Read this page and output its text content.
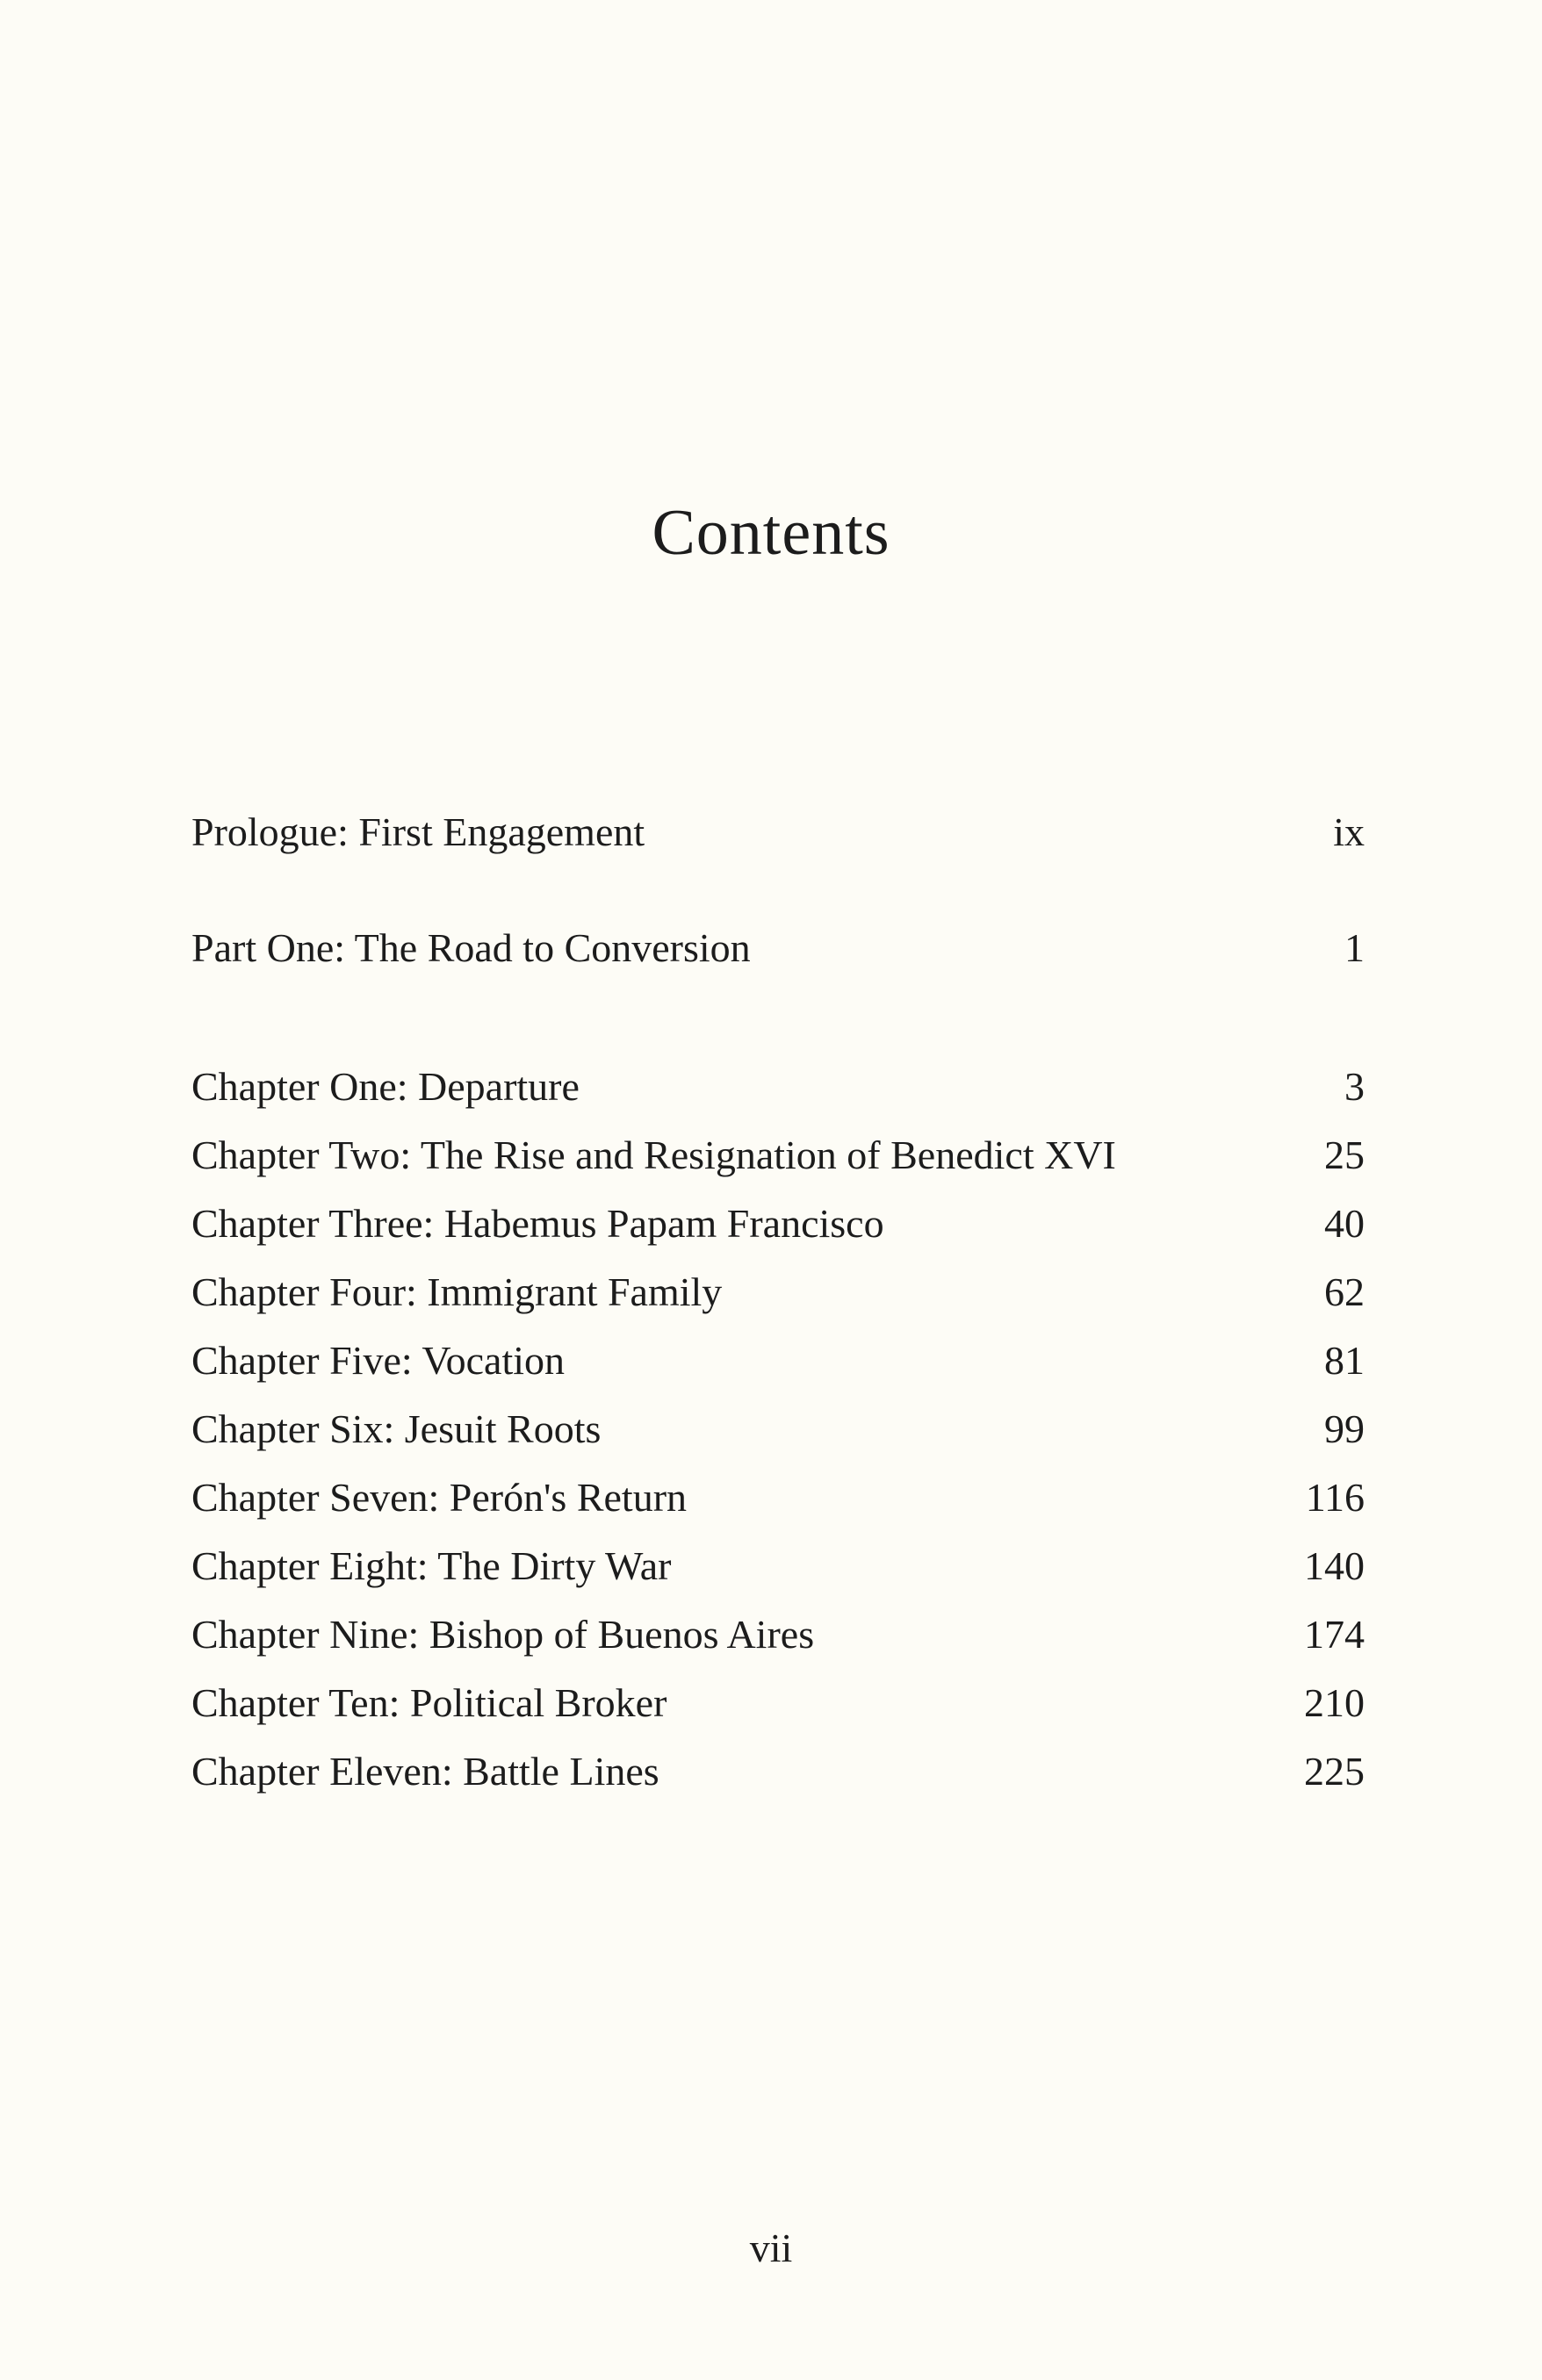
Contents
Prologue: First Engagement	ix
Part One: The Road to Conversion	1
Chapter One: Departure	3
Chapter Two: The Rise and Resignation of Benedict XVI	25
Chapter Three: Habemus Papam Francisco	40
Chapter Four: Immigrant Family	62
Chapter Five: Vocation	81
Chapter Six: Jesuit Roots	99
Chapter Seven: Perón's Return	116
Chapter Eight: The Dirty War	140
Chapter Nine: Bishop of Buenos Aires	174
Chapter Ten: Political Broker	210
Chapter Eleven: Battle Lines	225
vii
